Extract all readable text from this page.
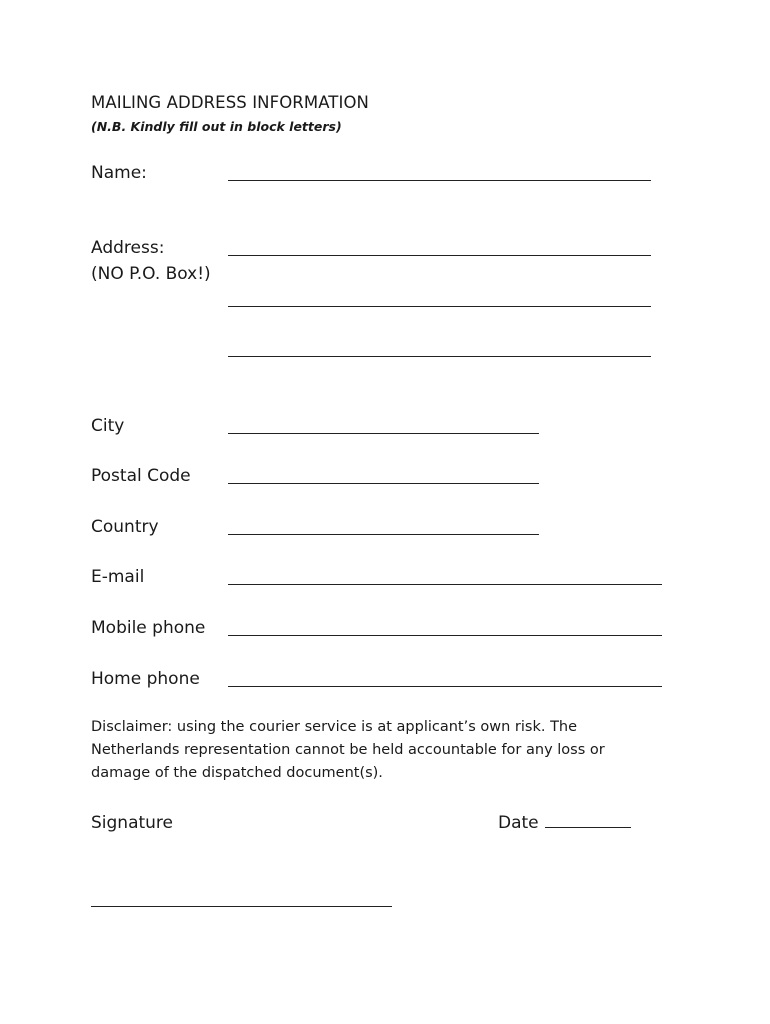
MAILING ADDRESS INFORMATION
(N.B. Kindly fill out in block letters)
Name:
Address:
(NO P.O. Box!)
City
Postal Code
Country
E-mail
Mobile phone
Home phone
Disclaimer: using the courier service is at applicant’s own risk. The Netherlands representation cannot be held accountable for any loss or damage of the dispatched document(s).
Signature	Date
